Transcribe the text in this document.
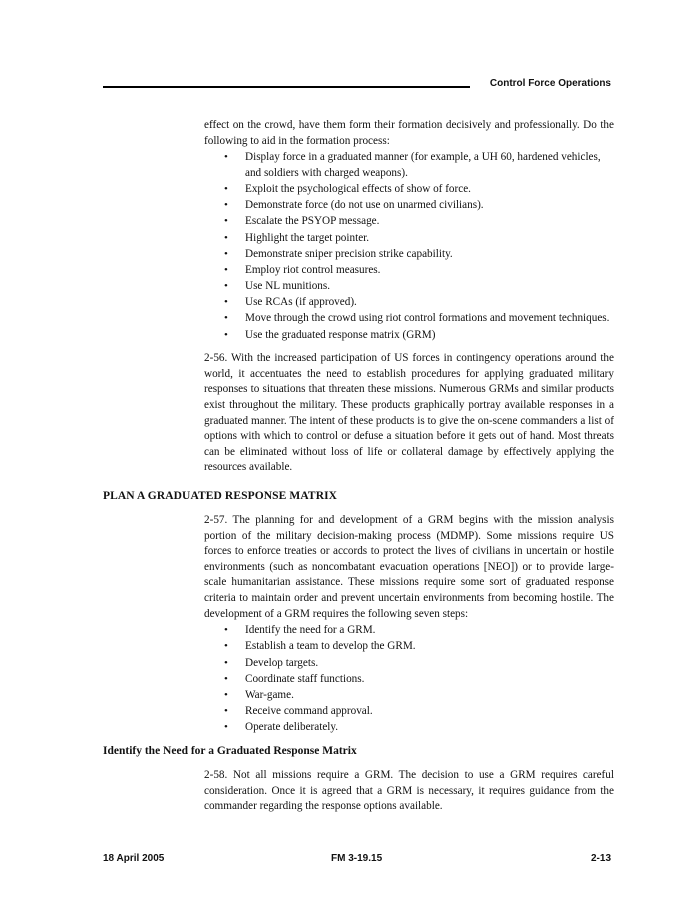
Control Force Operations

effect on the crowd, have them form their formation decisively and professionally. Do the following to aid in the formation process:

• Display force in a graduated manner (for example, a UH 60, hardened vehicles, and soldiers with charged weapons).
• Exploit the psychological effects of show of force.
• Demonstrate force (do not use on unarmed civilians).
• Escalate the PSYOP message.
• Highlight the target pointer.
• Demonstrate sniper precision strike capability.
• Employ riot control measures.
• Use NL munitions.
• Use RCAs (if approved).
• Move through the crowd using riot control formations and movement techniques.
• Use the graduated response matrix (GRM)

2-56. With the increased participation of US forces in contingency operations around the world, it accentuates the need to establish procedures for applying graduated military responses to situations that threaten these missions. Numerous GRMs and similar products exist throughout the military. These products graphically portray available responses in a graduated manner. The intent of these products is to give the on-scene commanders a list of options with which to control or defuse a situation before it gets out of hand. Most threats can be eliminated without loss of life or collateral damage by effectively applying the resources available.

PLAN A GRADUATED RESPONSE MATRIX

2-57. The planning for and development of a GRM begins with the mission analysis portion of the military decision-making process (MDMP). Some missions require US forces to enforce treaties or accords to protect the lives of civilians in uncertain or hostile environments (such as noncombatant evacuation operations [NEO]) or to provide large-scale humanitarian assistance. These missions require some sort of graduated response criteria to maintain order and prevent uncertain environments from becoming hostile. The development of a GRM requires the following seven steps:

• Identify the need for a GRM.
• Establish a team to develop the GRM.
• Develop targets.
• Coordinate staff functions.
• War-game.
• Receive command approval.
• Operate deliberately.
Identify the Need for a Graduated Response Matrix

2-58. Not all missions require a GRM. The decision to use a GRM requires careful consideration. Once it is agreed that a GRM is necessary, it requires guidance from the commander regarding the response options available.

18 April 2005	FM 3-19.15	2-13
